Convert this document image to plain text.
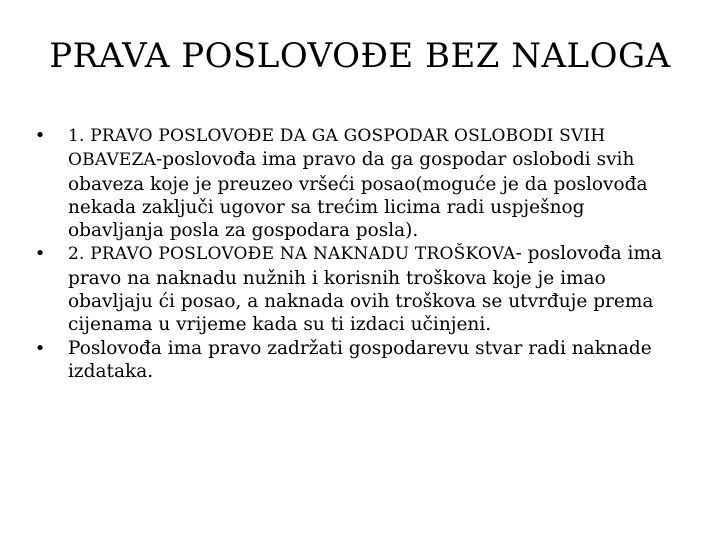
PRAVA POSLOVOĐE BEZ NALOGA
• 1. PRAVO POSLOVOĐE DA GA GOSPODAR OSLOBODI SVIH OBAVEZA-poslovođa ima pravo da ga gospodar oslobodi svih obaveza koje je preuzeo vršeći posao(moguće je da poslovođa nekada zaključi ugovor sa trećim licima radi uspješnog obavljanja posla za gospodara posla).
• 2. PRAVO POSLOVOĐE NA NAKNADU TROŠKOVA- poslovođa ima pravo na naknadu nužnih i korisnih troškova koje je imao obavljaju ći posao, a naknada ovih troškova se utvrđuje prema cijenama u vrijeme kada su ti izdaci učinjeni.
• Poslovođa ima pravo zadržati gospodarevu stvar radi naknade izdataka.
